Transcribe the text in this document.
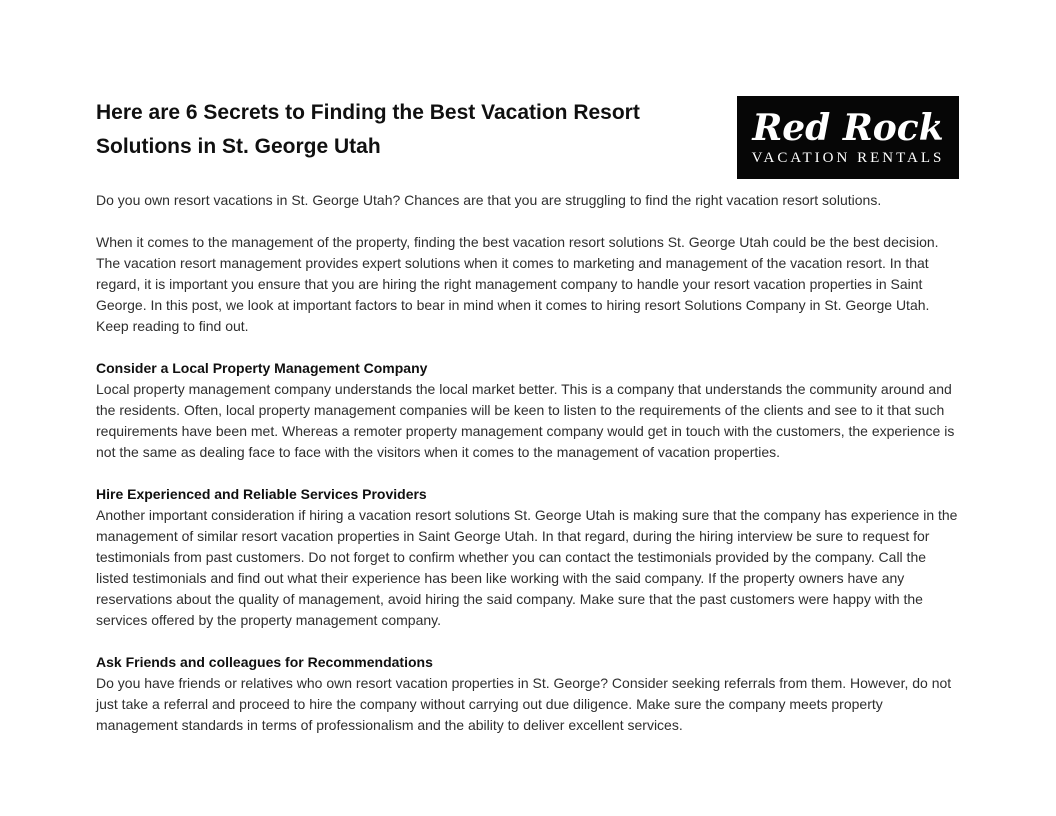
Red Rock
VACATION RENTALS
Here are 6 Secrets to Finding the Best Vacation Resort Solutions in St. George Utah

Do you own resort vacations in St. George Utah? Chances are that you are struggling to find the right vacation resort solutions.

When it comes to the management of the property, finding the best vacation resort solutions St. George Utah could be the best decision. The vacation resort management provides expert solutions when it comes to marketing and management of the vacation resort. In that regard, it is important you ensure that you are hiring the right management company to handle your resort vacation properties in Saint George. In this post, we look at important factors to bear in mind when it comes to hiring resort Solutions Company in St. George Utah. Keep reading to find out.

Consider a Local Property Management Company

Local property management company understands the local market better. This is a company that understands the community around and the residents. Often, local property management companies will be keen to listen to the requirements of the clients and see to it that such requirements have been met. Whereas a remoter property management company would get in touch with the customers, the experience is not the same as dealing face to face with the visitors when it comes to the management of vacation properties.

Hire Experienced and Reliable Services Providers

Another important consideration if hiring a vacation resort solutions St. George Utah is making sure that the company has experience in the management of similar resort vacation properties in Saint George Utah. In that regard, during the hiring interview be sure to request for testimonials from past customers. Do not forget to confirm whether you can contact the testimonials provided by the company. Call the listed testimonials and find out what their experience has been like working with the said company. If the property owners have any reservations about the quality of management, avoid hiring the said company. Make sure that the past customers were happy with the services offered by the property management company.

Ask Friends and colleagues for Recommendations

Do you have friends or relatives who own resort vacation properties in St. George? Consider seeking referrals from them. However, do not just take a referral and proceed to hire the company without carrying out due diligence. Make sure the company meets property management standards in terms of professionalism and the ability to deliver excellent services.
